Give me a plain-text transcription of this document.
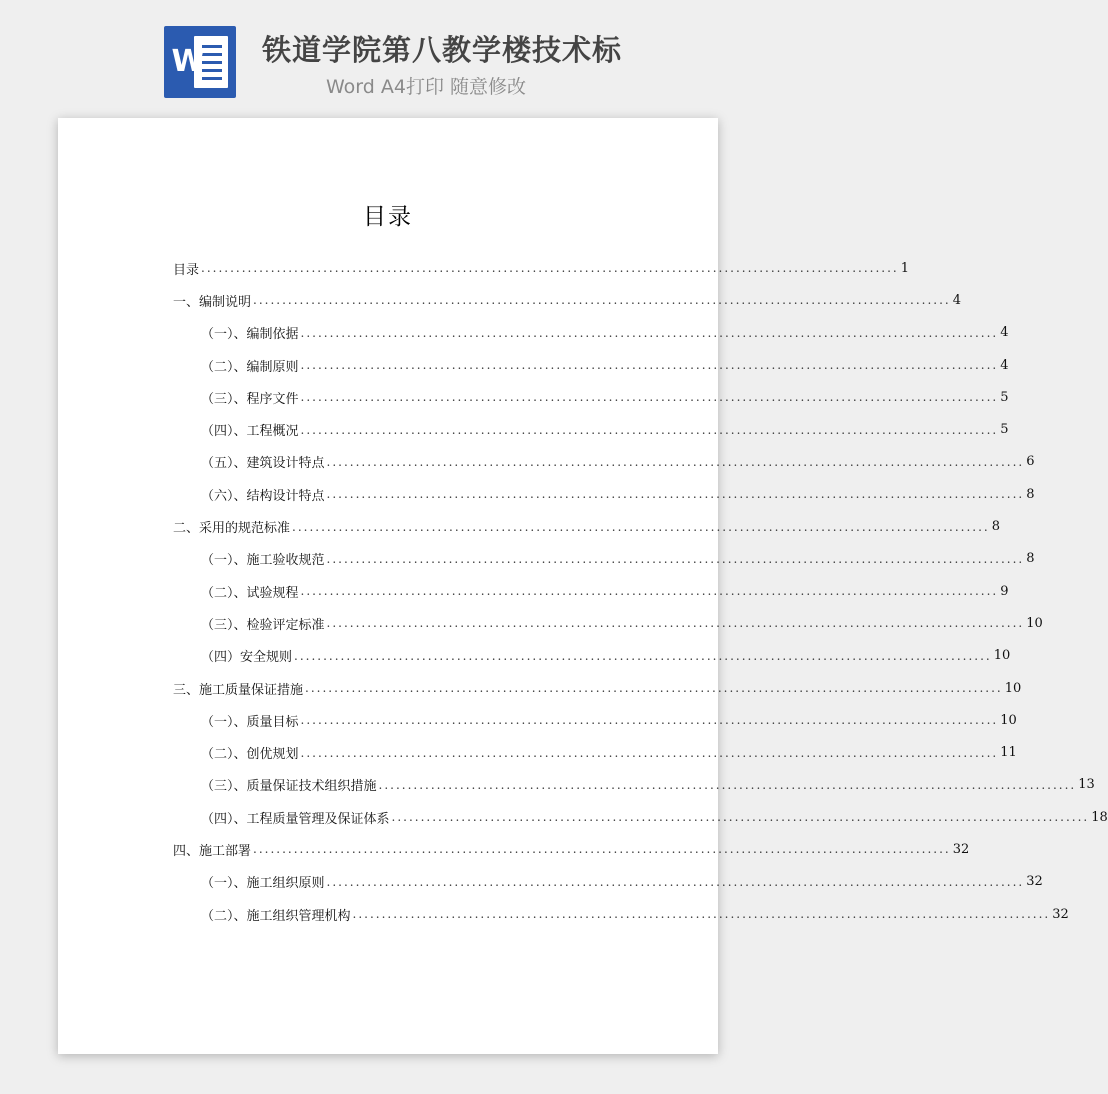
W 铁道学院第八教学楼技术标
Word A4打印 随意修改
目录
目录 ........................................................................................................................ 1
一、编制说明 ........................................................................................................................ 4
（一）、编制依据 ........................................................................................................................ 4
（二）、编制原则 ........................................................................................................................ 4
（三）、程序文件 ........................................................................................................................ 5
（四）、工程概况 ........................................................................................................................ 5
（五）、建筑设计特点 ........................................................................................................................ 6
（六）、结构设计特点 ........................................................................................................................ 8
二、采用的规范标准 ........................................................................................................................ 8
（一）、施工验收规范 ........................................................................................................................ 8
（二）、试验规程 ........................................................................................................................ 9
（三）、检验评定标准 ........................................................................................................................ 10
（四）安全规则 ........................................................................................................................ 10
三、施工质量保证措施 ........................................................................................................................ 10
（一）、质量目标 ........................................................................................................................ 10
（二）、创优规划 ........................................................................................................................ 11
（三）、质量保证技术组织措施 ........................................................................................................................ 13
（四）、工程质量管理及保证体系 ........................................................................................................................ 18
四、施工部署 ........................................................................................................................ 32
（一）、施工组织原则 ........................................................................................................................ 32
（二）、施工组织管理机构 ........................................................................................................................ 32
